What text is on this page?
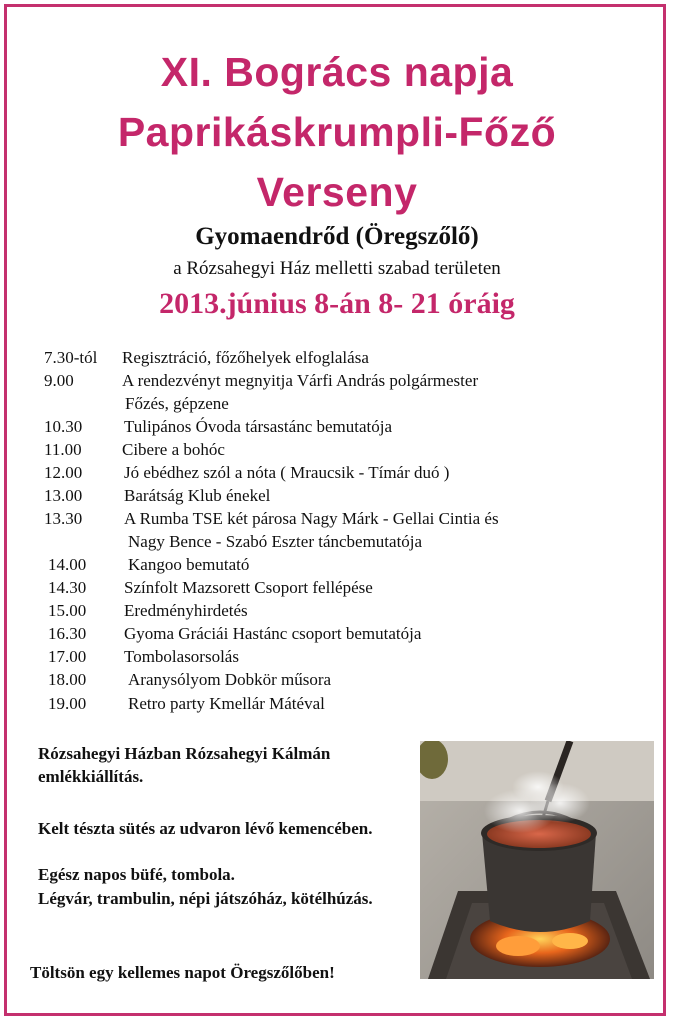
XI. Bogrács napja
Paprikáskrumpli-Főző
Verseny
Gyomaendrőd (Öregszőlő)
a Rózsahegyi Ház melletti szabad területen
2013.június 8-án 8- 21 óráig
7.30-tól Regisztráció, főzőhelyek elfoglalása
9.00	A rendezvényt megnyitja Várfi András polgármester
Főzés, gépzene
10.30 Tulipános Óvoda társastánc bemutatója
11.00 Cibere a bohóc
12.00 Jó ebédhez szól a nóta ( Mraucsik - Tímár duó )
13.00 Barátság Klub énekel
13.30 A Rumba TSE két párosa Nagy Márk - Gellai Cintia és
Nagy Bence - Szabó Eszter táncbemutatója
14.00 Kangoo bemutató
14.30 Színfolt Mazsorett Csoport fellépése
15.00 Eredményhirdetés
16.30 Gyoma Gráciái Hastánc csoport bemutatója
17.00 Tombolasorsolás
18.00 Aranysólyom Dobkör műsora
19.00 Retro party Kmellár Mátéval
Rózsahegyi Házban Rózsahegyi Kálmán emlékkiállítás.
Kelt tészta sütés az udvaron lévő kemencében.
Egész napos büfé, tombola.
Légvár, trambulin, népi játszóház, kötélhúzás.
Töltsön egy kellemes napot Öregszőlőben!
